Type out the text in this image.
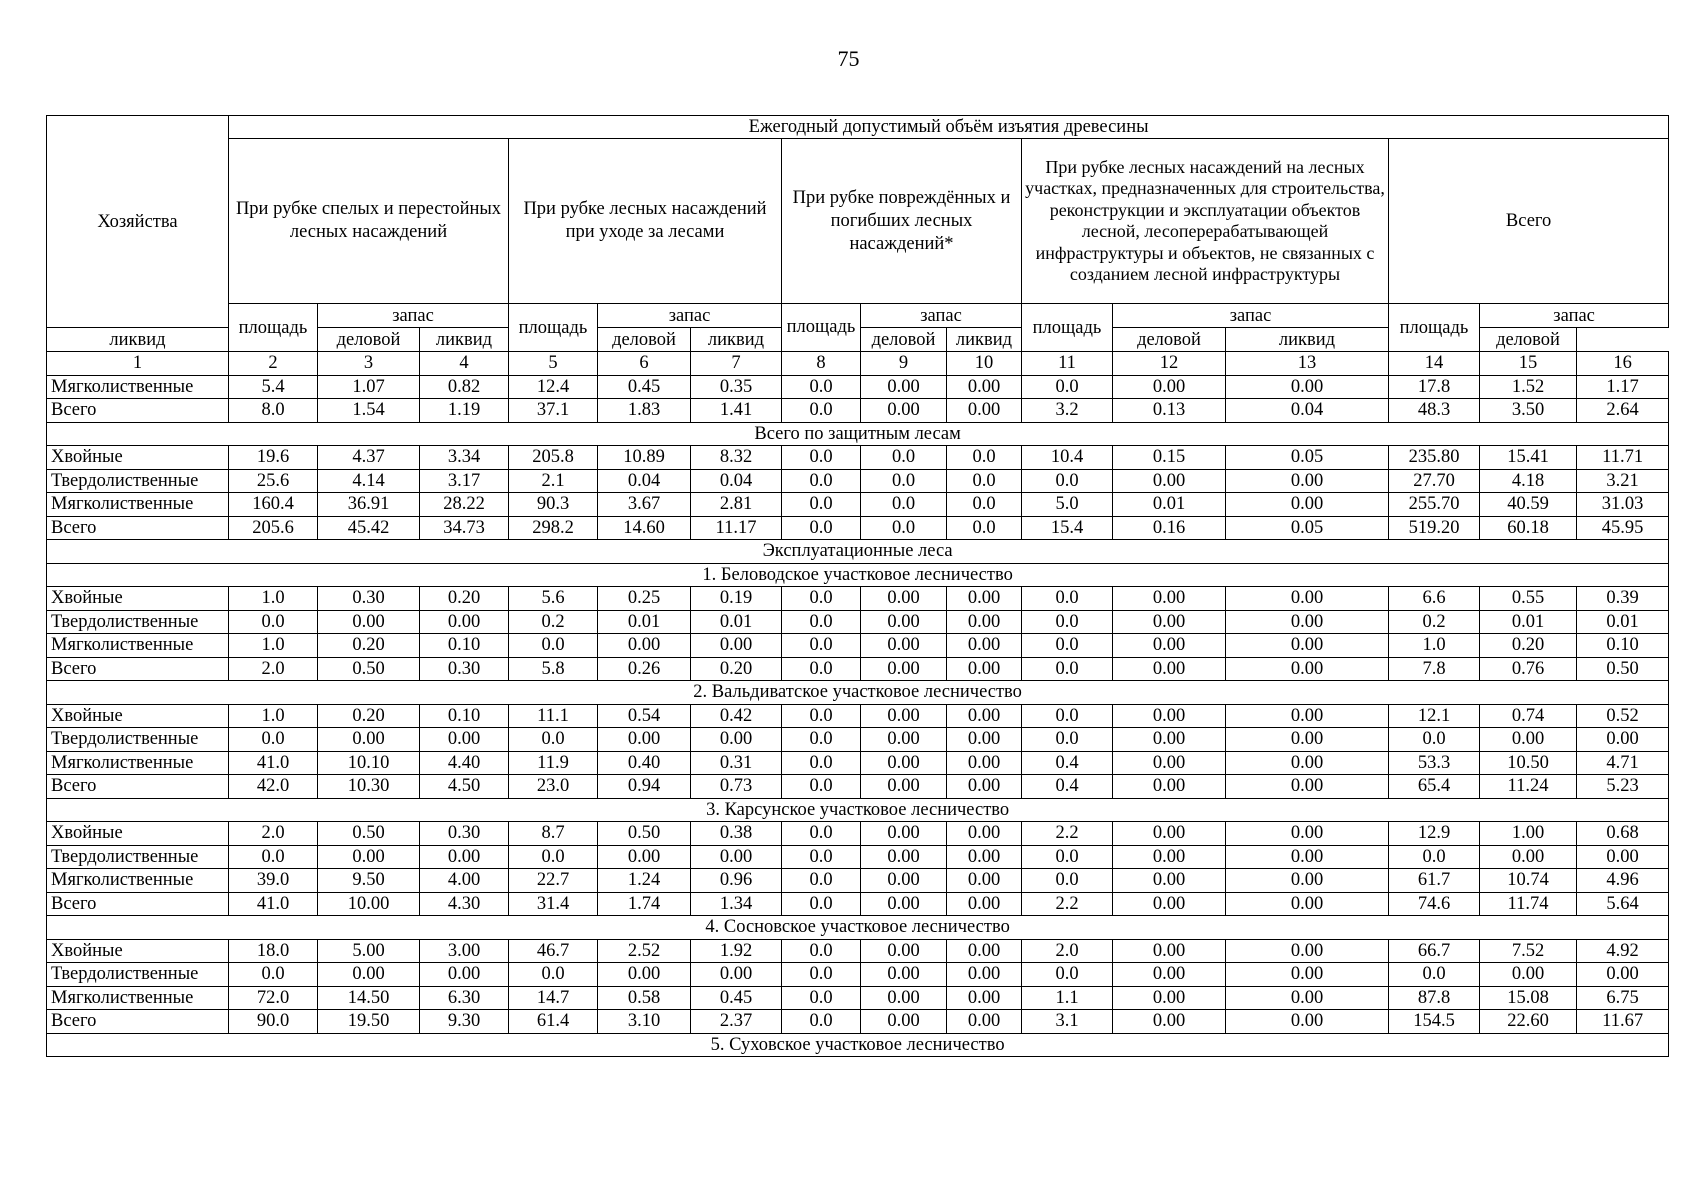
75
Хозяйства	Ежегодный допустимый объём изъятия древесины														
	При рубке спелых и перестойных лесных насаждений			При рубке лесных насаждений при уходе за лесами			При рубке повреждённых и погибших лесных насаждений*			При рубке лесных насаждений на лесных участках, предназначенных для строительства, реконструкции и эксплуатации объектов лесной, лесоперерабатывающей инфраструктуры и объектов, не связанных с созданием лесной инфраструктуры			Всего		
	площадь	запас		площадь	запас		площадь	запас		площадь	запас		площадь	запас	
ликвид		деловой	ликвид		деловой	ликвид		деловой	ликвид		деловой	ликвид		деловой	
1	2	3	4	5	6	7	8	9	10	11	12	13	14	15	16
Мягколиственные	5.4	1.07	0.82	12.4	0.45	0.35	0.0	0.00	0.00	0.0	0.00	0.00	17.8	1.52	1.17
Всего	8.0	1.54	1.19	37.1	1.83	1.41	0.0	0.00	0.00	3.2	0.13	0.04	48.3	3.50	2.64
Всего по защитным лесам															
Хвойные	19.6	4.37	3.34	205.8	10.89	8.32	0.0	0.0	0.0	10.4	0.15	0.05	235.80	15.41	11.71
Твердолиственные	25.6	4.14	3.17	2.1	0.04	0.04	0.0	0.0	0.0	0.0	0.00	0.00	27.70	4.18	3.21
Мягколиственные	160.4	36.91	28.22	90.3	3.67	2.81	0.0	0.0	0.0	5.0	0.01	0.00	255.70	40.59	31.03
Всего	205.6	45.42	34.73	298.2	14.60	11.17	0.0	0.0	0.0	15.4	0.16	0.05	519.20	60.18	45.95
Эксплуатационные леса															
1. Беловодское участковое лесничество															
Хвойные	1.0	0.30	0.20	5.6	0.25	0.19	0.0	0.00	0.00	0.0	0.00	0.00	6.6	0.55	0.39
Твердолиственные	0.0	0.00	0.00	0.2	0.01	0.01	0.0	0.00	0.00	0.0	0.00	0.00	0.2	0.01	0.01
Мягколиственные	1.0	0.20	0.10	0.0	0.00	0.00	0.0	0.00	0.00	0.0	0.00	0.00	1.0	0.20	0.10
Всего	2.0	0.50	0.30	5.8	0.26	0.20	0.0	0.00	0.00	0.0	0.00	0.00	7.8	0.76	0.50
2. Вальдиватское участковое лесничество															
Хвойные	1.0	0.20	0.10	11.1	0.54	0.42	0.0	0.00	0.00	0.0	0.00	0.00	12.1	0.74	0.52
Твердолиственные	0.0	0.00	0.00	0.0	0.00	0.00	0.0	0.00	0.00	0.0	0.00	0.00	0.0	0.00	0.00
Мягколиственные	41.0	10.10	4.40	11.9	0.40	0.31	0.0	0.00	0.00	0.4	0.00	0.00	53.3	10.50	4.71
Всего	42.0	10.30	4.50	23.0	0.94	0.73	0.0	0.00	0.00	0.4	0.00	0.00	65.4	11.24	5.23
3. Карсунское участковое лесничество															
Хвойные	2.0	0.50	0.30	8.7	0.50	0.38	0.0	0.00	0.00	2.2	0.00	0.00	12.9	1.00	0.68
Твердолиственные	0.0	0.00	0.00	0.0	0.00	0.00	0.0	0.00	0.00	0.0	0.00	0.00	0.0	0.00	0.00
Мягколиственные	39.0	9.50	4.00	22.7	1.24	0.96	0.0	0.00	0.00	0.0	0.00	0.00	61.7	10.74	4.96
Всего	41.0	10.00	4.30	31.4	1.74	1.34	0.0	0.00	0.00	2.2	0.00	0.00	74.6	11.74	5.64
4. Сосновское участковое лесничество															
Хвойные	18.0	5.00	3.00	46.7	2.52	1.92	0.0	0.00	0.00	2.0	0.00	0.00	66.7	7.52	4.92
Твердолиственные	0.0	0.00	0.00	0.0	0.00	0.00	0.0	0.00	0.00	0.0	0.00	0.00	0.0	0.00	0.00
Мягколиственные	72.0	14.50	6.30	14.7	0.58	0.45	0.0	0.00	0.00	1.1	0.00	0.00	87.8	15.08	6.75
Всего	90.0	19.50	9.30	61.4	3.10	2.37	0.0	0.00	0.00	3.1	0.00	0.00	154.5	22.60	11.67
5. Суховское участковое лесничество															
